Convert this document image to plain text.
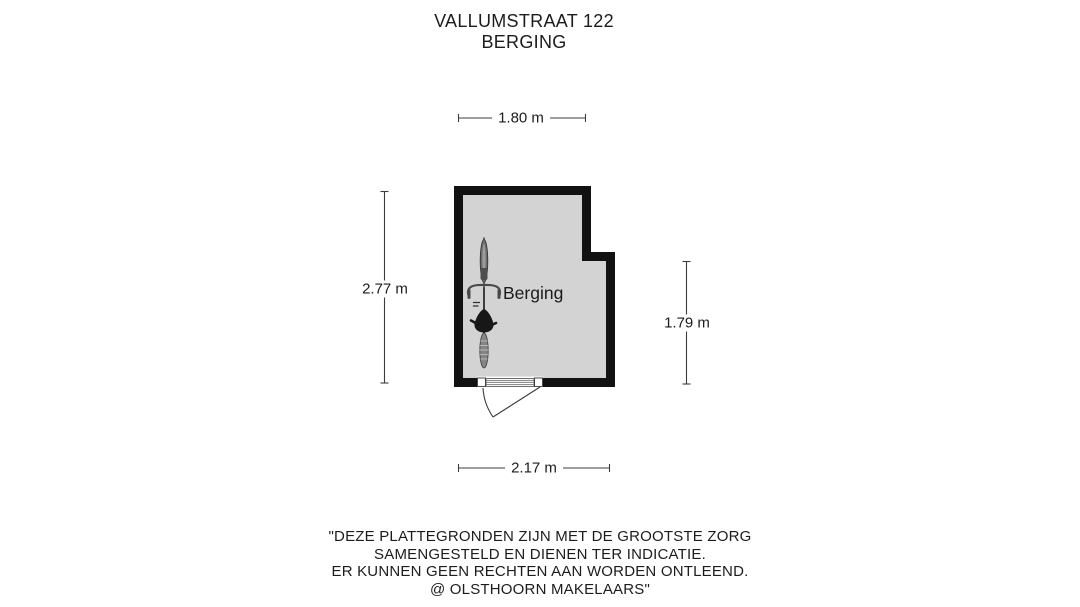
VALLUMSTRAAT 122
BERGING
1.80 m
2.77 m
1.79 m
2.17 m
Berging
"DEZE PLATTEGRONDEN ZIJN MET DE GROOTSTE ZORG
SAMENGESTELD EN DIENEN TER INDICATIE.
ER KUNNEN GEEN RECHTEN AAN WORDEN ONTLEEND.
@ OLSTHOORN MAKELAARS"
